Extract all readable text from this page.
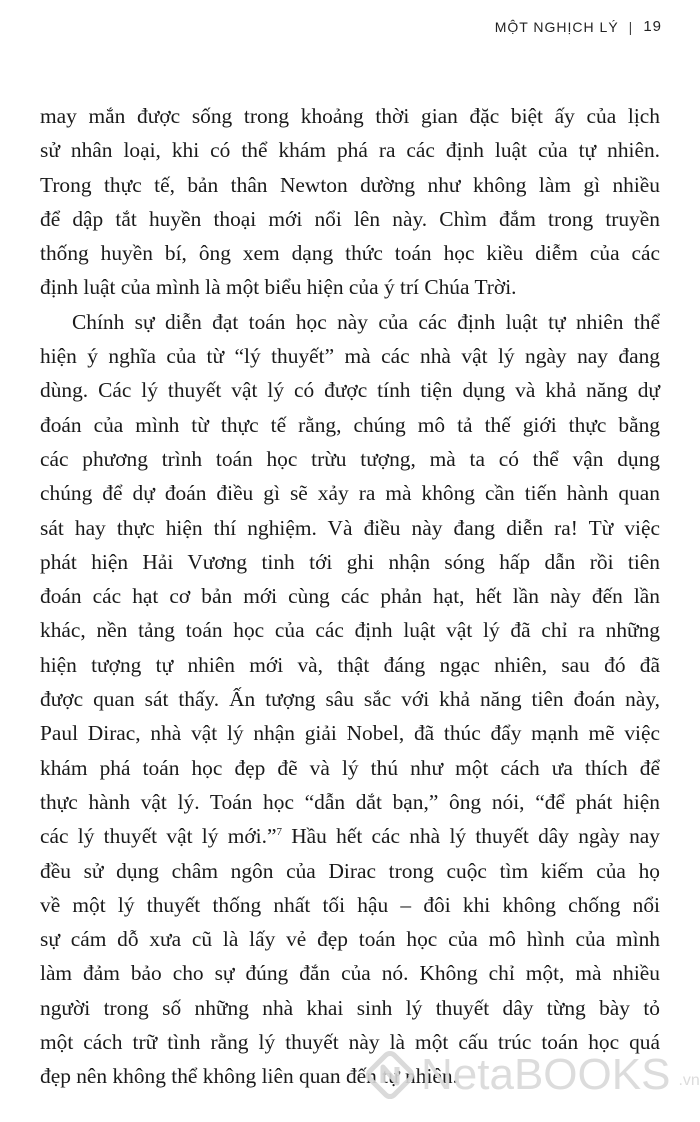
MỘT NGHỊCH LÝ | 19
may mắn được sống trong khoảng thời gian đặc biệt ấy của lịch
sử nhân loại, khi có thể khám phá ra các định luật của tự nhiên.
Trong thực tế, bản thân Newton dường như không làm gì nhiều
để dập tắt huyền thoại mới nổi lên này. Chìm đắm trong truyền
thống huyền bí, ông xem dạng thức toán học kiều diễm của các
định luật của mình là một biểu hiện của ý trí Chúa Trời.
Chính sự diễn đạt toán học này của các định luật tự nhiên thể
hiện ý nghĩa của từ “lý thuyết” mà các nhà vật lý ngày nay đang
dùng. Các lý thuyết vật lý có được tính tiện dụng và khả năng dự
đoán của mình từ thực tế rằng, chúng mô tả thế giới thực bằng
các phương trình toán học trừu tượng, mà ta có thể vận dụng
chúng để dự đoán điều gì sẽ xảy ra mà không cần tiến hành quan
sát hay thực hiện thí nghiệm. Và điều này đang diễn ra! Từ việc
phát hiện Hải Vương tinh tới ghi nhận sóng hấp dẫn rồi tiên
đoán các hạt cơ bản mới cùng các phản hạt, hết lần này đến lần
khác, nền tảng toán học của các định luật vật lý đã chỉ ra những
hiện tượng tự nhiên mới và, thật đáng ngạc nhiên, sau đó đã
được quan sát thấy. Ấn tượng sâu sắc với khả năng tiên đoán này,
Paul Dirac, nhà vật lý nhận giải Nobel, đã thúc đẩy mạnh mẽ việc
khám phá toán học đẹp đẽ và lý thú như một cách ưa thích để
thực hành vật lý. Toán học “dẫn dắt bạn,” ông nói, “để phát hiện
các lý thuyết vật lý mới.”$^7$ Hầu hết các nhà lý thuyết dây ngày nay
đều sử dụng châm ngôn của Dirac trong cuộc tìm kiếm của họ
về một lý thuyết thống nhất tối hậu – đôi khi không chống nổi
sự cám dỗ xưa cũ là lấy vẻ đẹp toán học của mô hình của mình
làm đảm bảo cho sự đúng đắn của nó. Không chỉ một, mà nhiều
người trong số những nhà khai sinh lý thuyết dây từng bày tỏ
một cách trữ tình rằng lý thuyết này là một cấu trúc toán học quá
đẹp nên không thể không liên quan đến tự nhiên.
NetaBOOKS .vn
